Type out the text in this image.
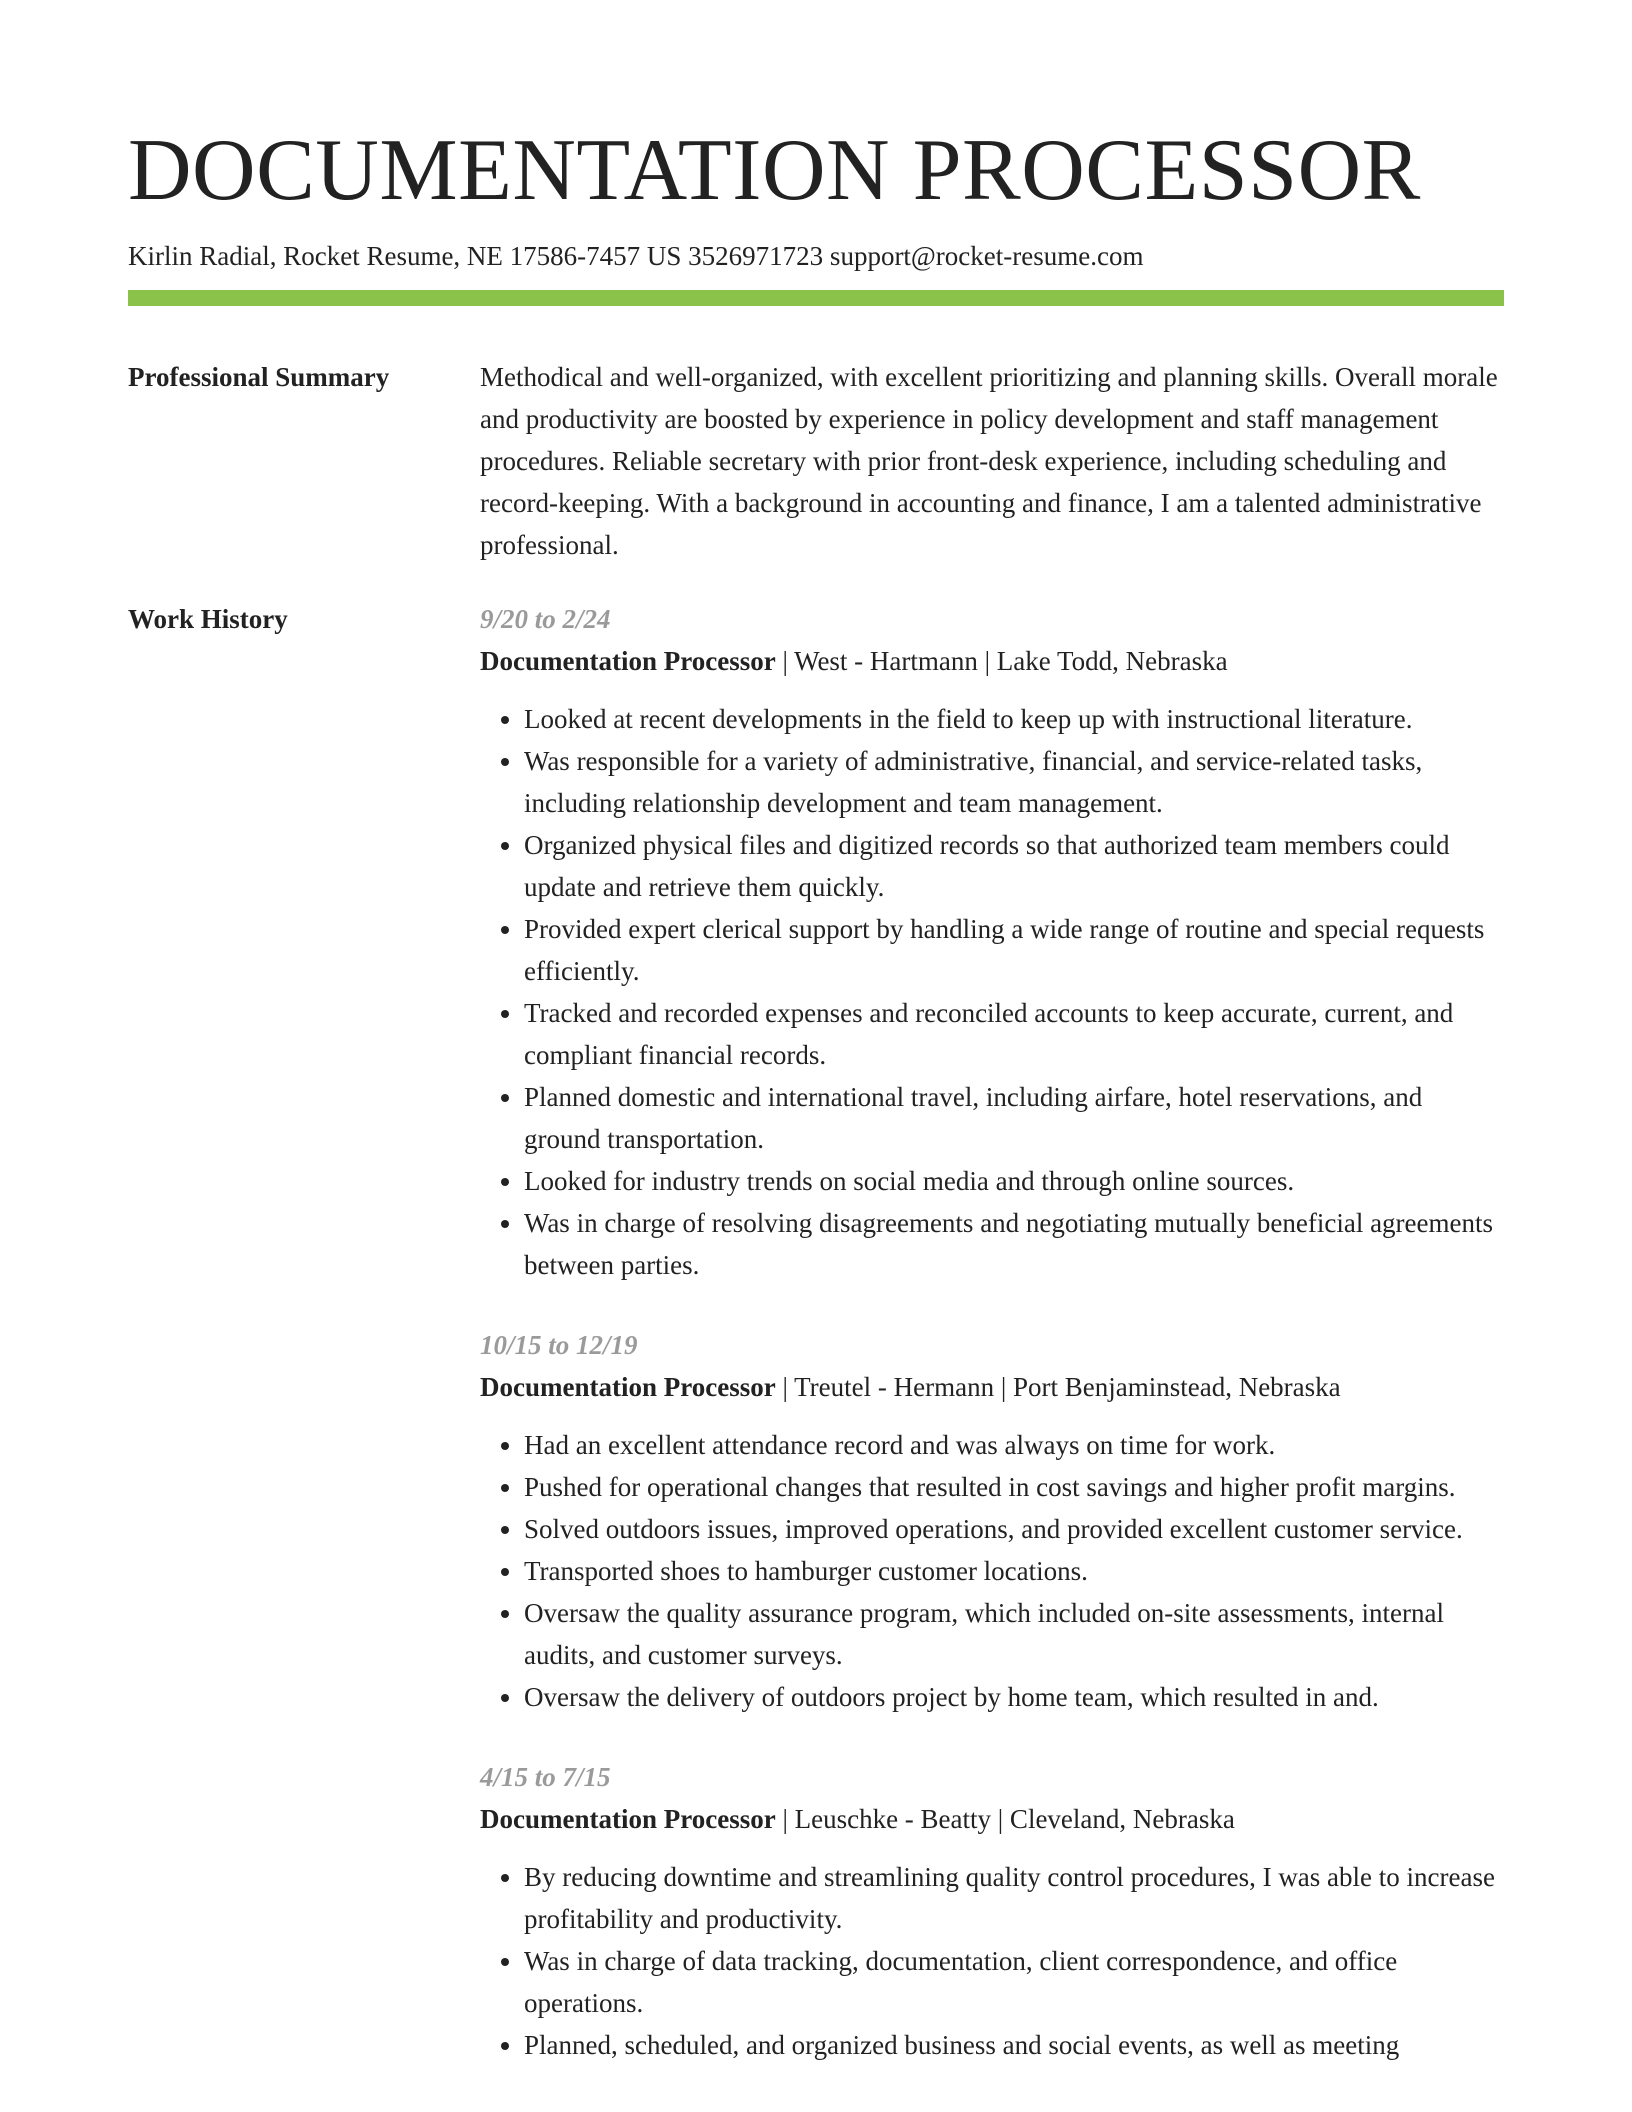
DOCUMENTATION PROCESSOR
Kirlin Radial, Rocket Resume, NE 17586-7457 US 3526971723 support@rocket-resume.com
Professional Summary	Methodical and well-organized, with excellent prioritizing and planning skills. Overall morale and productivity are boosted by experience in policy development and staff management procedures. Reliable secretary with prior front-desk experience, including scheduling and record-keeping. With a background in accounting and finance, I am a talented administrative professional.
Work History	9/20 to 2/24
Documentation Processor | West - Hartmann | Lake Todd, Nebraska
• Looked at recent developments in the field to keep up with instructional literature.
• Was responsible for a variety of administrative, financial, and service-related tasks, including relationship development and team management.
• Organized physical files and digitized records so that authorized team members could update and retrieve them quickly.
• Provided expert clerical support by handling a wide range of routine and special requests efficiently.
• Tracked and recorded expenses and reconciled accounts to keep accurate, current, and compliant financial records.
• Planned domestic and international travel, including airfare, hotel reservations, and ground transportation.
• Looked for industry trends on social media and through online sources.
• Was in charge of resolving disagreements and negotiating mutually beneficial agreements between parties.
10/15 to 12/19
Documentation Processor | Treutel - Hermann | Port Benjaminstead, Nebraska
• Had an excellent attendance record and was always on time for work.
• Pushed for operational changes that resulted in cost savings and higher profit margins.
• Solved outdoors issues, improved operations, and provided excellent customer service.
• Transported shoes to hamburger customer locations.
• Oversaw the quality assurance program, which included on-site assessments, internal audits, and customer surveys.
• Oversaw the delivery of outdoors project by home team, which resulted in and.
4/15 to 7/15
Documentation Processor | Leuschke - Beatty | Cleveland, Nebraska
• By reducing downtime and streamlining quality control procedures, I was able to increase profitability and productivity.
• Was in charge of data tracking, documentation, client correspondence, and office operations.
• Planned, scheduled, and organized business and social events, as well as meeting
